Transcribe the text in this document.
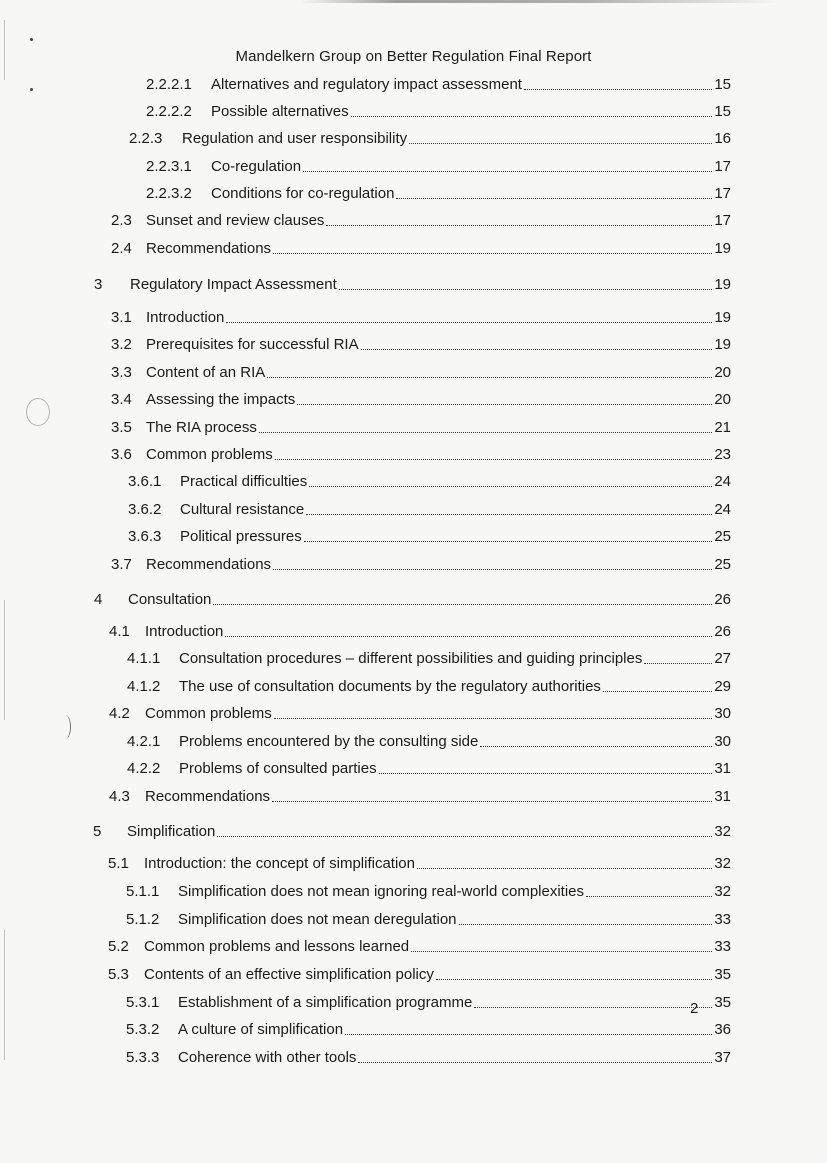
Mandelkern Group on Better Regulation Final Report
2.2.2.1	Alternatives and regulatory impact assessment	15
2.2.2.2	Possible alternatives	15
2.2.3	Regulation and user responsibility	16
2.2.3.1	Co-regulation	17
2.2.3.2	Conditions for co-regulation	17
2.3 Sunset and review clauses	17
2.4 Recommendations	19
3	Regulatory Impact Assessment	19
3.1 Introduction	19
3.2 Prerequisites for successful RIA	19
3.3 Content of an RIA	20
3.4 Assessing the impacts	20
3.5 The RIA process	21
3.6 Common problems	23
3.6.1	Practical difficulties	24
3.6.2	Cultural resistance	24
3.6.3	Political pressures	25
3.7 Recommendations	25
4	Consultation	26
4.1	Introduction	26
4.1.1	Consultation procedures – different possibilities and guiding principles	27
4.1.2	The use of consultation documents by the regulatory authorities	29
4.2	Common problems	30
4.2.1	Problems encountered by the consulting side	30
4.2.2	Problems of consulted parties	31
4.3	Recommendations	31
5	Simplification	32
5.1	Introduction: the concept of simplification	32
5.1.1	Simplification does not mean ignoring real-world complexities	32
5.1.2	Simplification does not mean deregulation	33
5.2	Common problems and lessons learned	33
5.3	Contents of an effective simplification policy	35
5.3.1	Establishment of a simplification programme	35
5.3.2	A culture of simplification	36
5.3.3	Coherence with other tools	37
2
